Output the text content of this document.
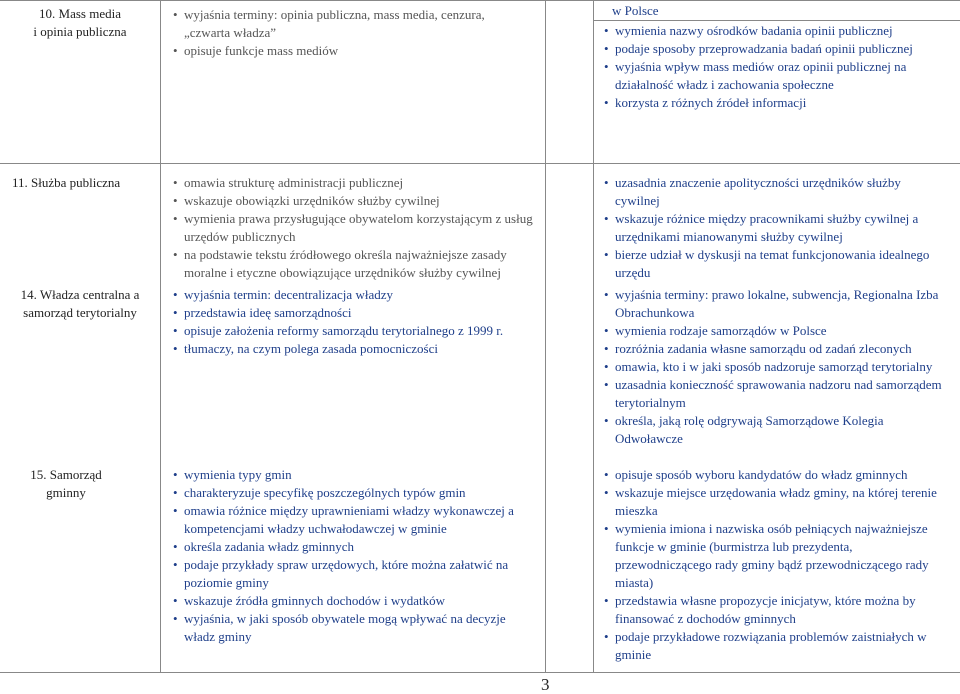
10. Mass media
i opinia publiczna
• wyjaśnia terminy: opinia publiczna, mass media, cenzura, „czwarta władza”
• opisuje funkcje mass mediów
w Polsce
• wymienia nazwy ośrodków badania opinii publicznej
• podaje sposoby przeprowadzania badań opinii publicznej
• wyjaśnia wpływ mass mediów oraz opinii publicznej na działalność władz i zachowania społeczne
• korzysta z różnych źródeł informacji
11. Służba publiczna
•	omawia strukturę administracji publicznej
• wskazuje obowiązki urzędników służby cywilnej
• wymienia prawa przysługujące obywatelom korzystającym z usług urzędów publicznych
• na podstawie tekstu źródłowego określa najważniejsze zasady moralne i etyczne obowiązujące urzędników służby cywilnej
• uzasadnia znaczenie apolityczności urzędników służby cywilnej
• wskazuje różnice między pracownikami służby cywilnej a urzędnikami mianowanymi służby cywilnej
• bierze udział w dyskusji na temat funkcjonowania idealnego urzędu
14. Władza centralna a
samorząd terytorialny
• wyjaśnia termin: decentralizacja władzy
• przedstawia ideę samorządności
• opisuje założenia reformy samorządu terytorialnego z 1999 r.
• tłumaczy, na czym polega zasada pomocniczości
• wyjaśnia terminy: prawo lokalne, subwencja, Regionalna Izba Obrachunkowa
• wymienia rodzaje samorządów w Polsce
• rozróżnia zadania własne samorządu od zadań zleconych
• omawia, kto i w jaki sposób nadzoruje samorząd terytorialny
• uzasadnia konieczność sprawowania nadzoru nad samorządem terytorialnym
• określa, jaką rolę odgrywają Samorządowe Kolegia Odwoławcze
15. Samorząd
gminny
• wymienia typy gmin
• charakteryzuje specyfikę poszczególnych typów gmin
• omawia różnice między uprawnieniami władzy wykonawczej a kompetencjami władzy uchwałodawczej w gminie
• określa zadania władz gminnych
• podaje przykłady spraw urzędowych, które można załatwić na poziomie gminy
• wskazuje źródła gminnych dochodów i wydatków
• wyjaśnia, w jaki sposób obywatele mogą wpływać na decyzje władz gminy
• opisuje sposób wyboru kandydatów do władz gminnych
• wskazuje miejsce urzędowania władz gminy, na której terenie mieszka
• wymienia imiona i nazwiska osób pełniących najważniejsze funkcje w gminie (burmistrza lub prezydenta, przewodniczącego rady gminy bądź przewodniczącego rady miasta)
• przedstawia własne propozycje inicjatyw, które można by finansować z dochodów gminnych
• podaje przykładowe rozwiązania problemów zaistniałych w gminie
3
